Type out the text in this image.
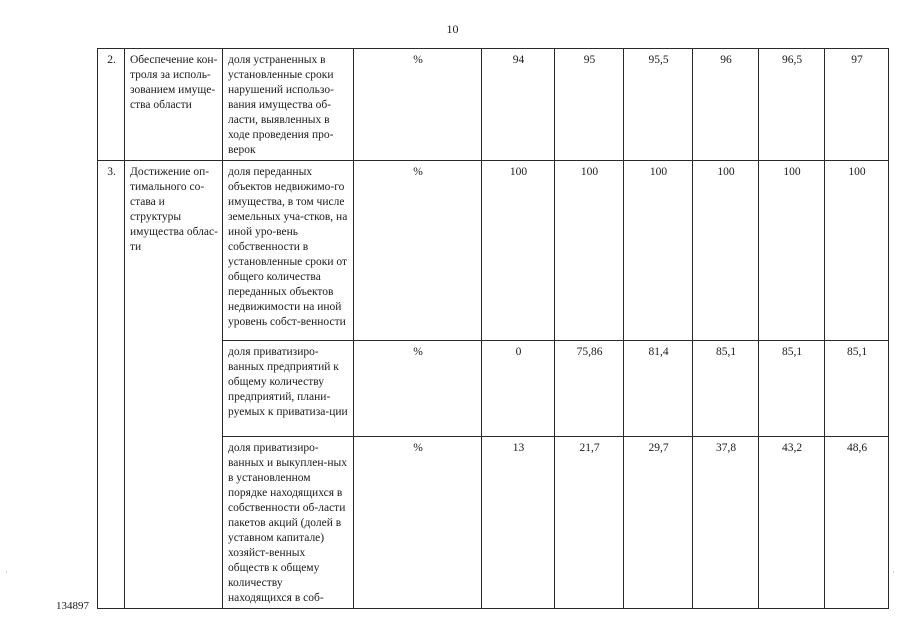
10
2.	Обеспечение кон-троля за исполь-зованием имуще-ства области	доля устраненных в установленные сроки нарушений использо-вания имущества об-ласти, выявленных в ходе проведения про-верок	%	94	95	95,5	96	96,5	97
3.	Достижение оп-тимального со-става и структуры имущества облас-ти	доля переданных объектов недвижимо-го имущества, в том числе земельных уча-стков, на иной уро-вень собственности в установленные сроки от общего количества переданных объектов недвижимости на иной уровень собст-венности	%	100	100	100	100	100	100
		доля приватизиро-ванных предприятий к общему количеству предприятий, плани-руемых к приватиза-ции	%	0	75,86	81,4	85,1	85,1	85,1
		доля приватизиро-ванных и выкуплен-ных в установленном порядке находящихся в собственности об-ласти пакетов акций (долей в уставном капитале) хозяйст-венных обществ к общему количеству находящихся в соб-	%	13	21,7	29,7	37,8	43,2	48,6
134897
·	·
